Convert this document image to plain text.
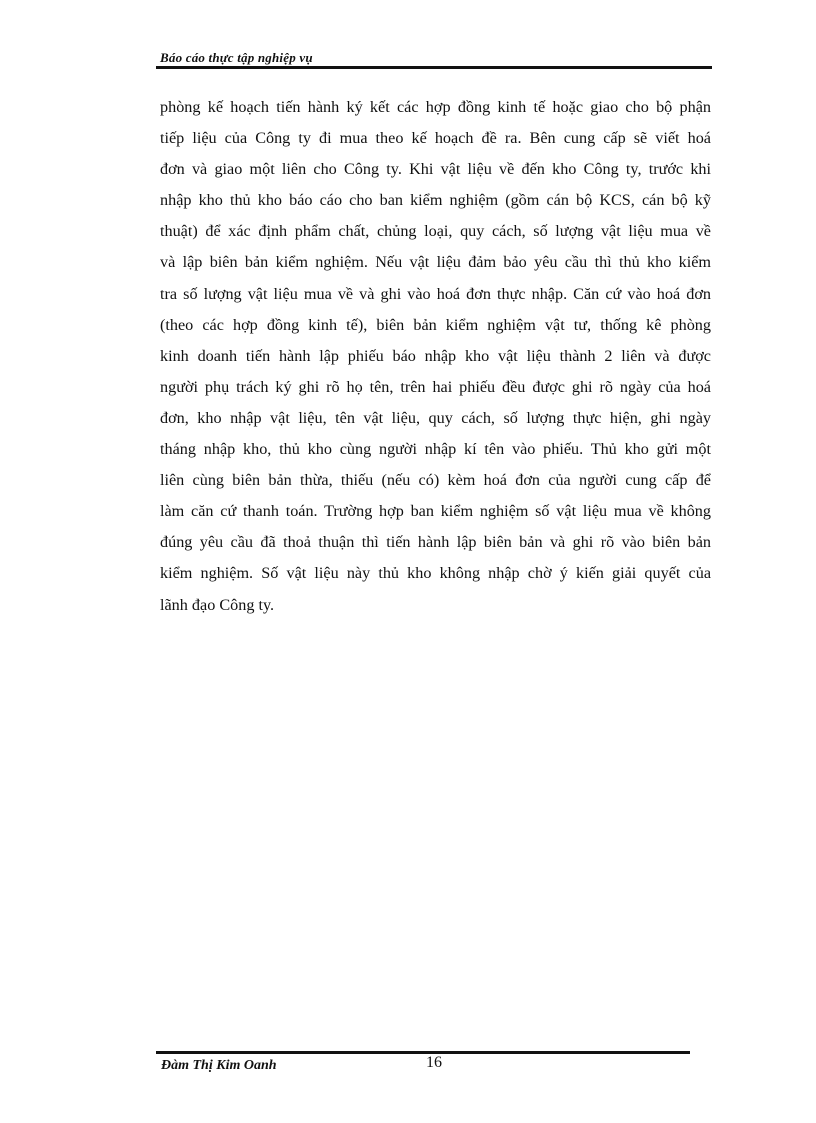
Báo cáo thực tập nghiệp vụ
phòng kế hoạch tiến hành ký kết các hợp đồng kinh tế hoặc giao cho bộ phận
tiếp liệu của Công ty đi mua theo kế hoạch đề ra. Bên cung cấp sẽ viết hoá
đơn và giao một liên cho Công ty. Khi vật liệu về đến kho Công ty, trước khi
nhập kho thủ kho báo cáo cho ban kiểm nghiệm (gồm cán bộ KCS, cán bộ kỹ
thuật) để xác định phẩm chất, chủng loại, quy cách, số lượng vật liệu mua về
và lập biên bản kiểm nghiệm. Nếu vật liệu đảm bảo yêu cầu thì thủ kho kiểm
tra số lượng vật liệu mua về và ghi vào hoá đơn thực nhập. Căn cứ vào hoá đơn
(theo các hợp đồng kinh tế), biên bản kiểm nghiệm vật tư, thống kê phòng
kinh doanh tiến hành lập phiếu báo nhập kho vật liệu thành 2 liên và được
người phụ trách ký ghi rõ họ tên, trên hai phiếu đều được ghi rõ ngày của hoá
đơn, kho nhập vật liệu, tên vật liệu, quy cách, số lượng thực hiện, ghi ngày
tháng nhập kho, thủ kho cùng người nhập kí tên vào phiếu. Thủ kho gửi một
liên cùng biên bản thừa, thiếu (nếu có) kèm hoá đơn của người cung cấp để
làm căn cứ thanh toán. Trường hợp ban kiểm nghiệm số vật liệu mua về không
đúng yêu cầu đã thoả thuận thì tiến hành lập biên bản và ghi rõ vào biên bản
kiểm nghiệm. Số vật liệu này thủ kho không nhập chờ ý kiến giải quyết của
lãnh đạo Công ty.
Đàm Thị Kim Oanh	16
